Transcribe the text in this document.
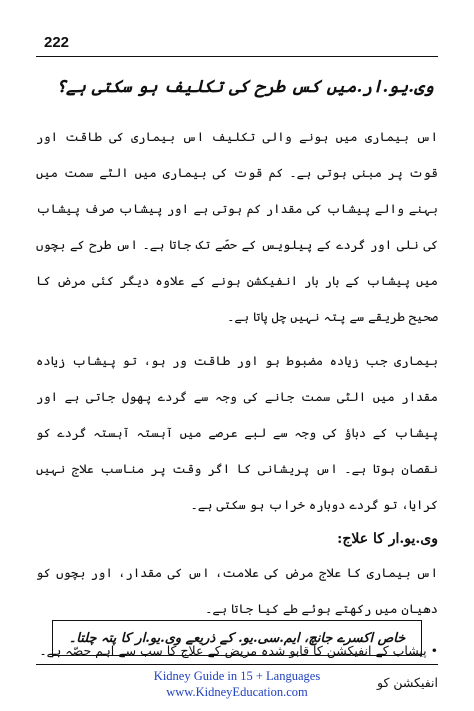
222
وی.یو.ار.میں کس طرح کی تکلیف ہو سکتی ہے؟

اس بیماری میں ہونے والی تکلیف اس بیماری کی طاقت اور قوت پر مبنی ہوتی ہے۔ کم قوت کی بیماری میں الٹے سمت میں بہنے والے پیشاب کی مقدار کم ہوتی ہے اور پیشاب صرف پیشاب کی نلی اور گردے کے پیلویس کے حصّے تک جاتا ہے۔ اس طرح کے بچوں میں پیشاب کے بار بار انفیکشن ہونے کے علاوہ دیگر کئی مرض کا صحیح طریقے سے پتہ نہیں چل پاتا ہے۔

بیماری جب زیادہ مضبوط ہو اور طاقت ور ہو، تو پیشاب زیادہ مقدار میں الٹی سمت جانے کی وجہ سے گردے پھول جاتی ہے اور پیشاب کے دباؤ کی وجہ سے لبے عرصے میں آہستہ آہستہ گردے کو نقصان ہوتا ہے۔ اس پریشانی کا اگر وقت پر مناسب علاج نہیں کرایا، تو گردے دوبارہ خراب ہو سکتی ہے۔

وی.یو.ار کا علاج:

اس بیماری کا علاج مرض کی علامت، اس کی مقدار، اور بچوں کو دھیان میں رکھتے ہوئے طے کیا جاتا ہے۔

•پیشاب کے انفیکشن کا قابو شدہ مریض کے علاج کا سب سے اہم حصّہ ہے۔ انفیکشن کو

خاص اکسرے جانچ، ایم.سی.یو. کے ذریعے وی.یو.ار کا پتہ چلتا۔
Kidney Guide in 15 + Languages
www.KidneyEducation.com
